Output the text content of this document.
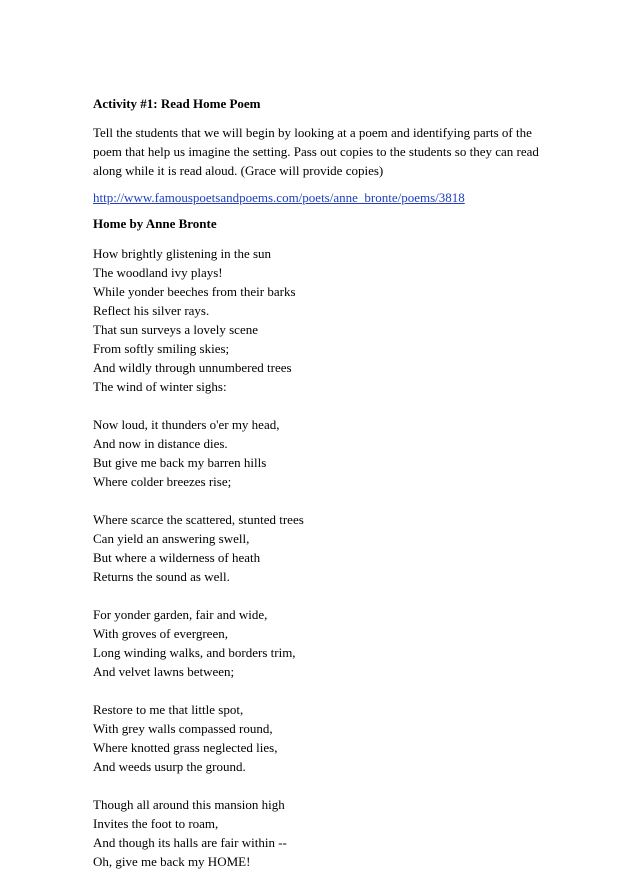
Activity #1: Read Home Poem

Tell the students that we will begin by looking at a poem and identifying parts of the poem that help us imagine the setting. Pass out copies to the students so they can read along while it is read aloud. (Grace will provide copies)

http://www.famouspoetsandpoems.com/poets/anne_bronte/poems/3818

Home by Anne Bronte

How brightly glistening in the sun
The woodland ivy plays!
While yonder beeches from their barks
Reflect his silver rays.
That sun surveys a lovely scene
From softly smiling skies;
And wildly through unnumbered trees
The wind of winter sighs:
Now loud, it thunders o'er my head,
And now in distance dies.
But give me back my barren hills
Where colder breezes rise;
Where scarce the scattered, stunted trees
Can yield an answering swell,
But where a wilderness of heath
Returns the sound as well.
For yonder garden, fair and wide,
With groves of evergreen,
Long winding walks, and borders trim,
And velvet lawns between;
Restore to me that little spot,
With grey walls compassed round,
Where knotted grass neglected lies,
And weeds usurp the ground.
Though all around this mansion high
Invites the foot to roam,
And though its halls are fair within --
Oh, give me back my HOME!
